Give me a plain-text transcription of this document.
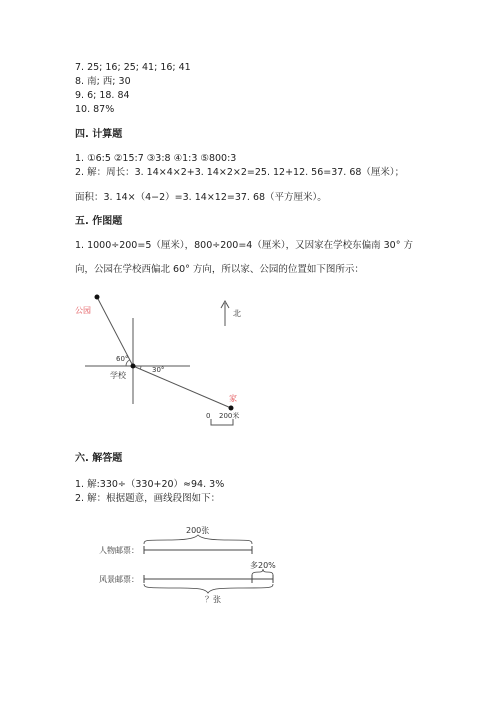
7. 25; 16; 25; 41; 16; 41
8. 南; 西; 30
9. 6; 18. 84
10. 87%
四. 计算题
1. ①6:5 ②15:7 ③3:8 ④1:3 ⑤800:3
2. 解：周长：3. 14×4×2+3. 14×2×2=25. 12+12. 56=37. 68（厘米）；
面积：3. 14×（4−2）=3. 14×12=37. 68（平方厘米）。
五. 作图题
1. 1000÷200=5（厘米），800÷200=4（厘米），又因家在学校东偏南 30° 方
向，公园在学校西偏北 60° 方向，所以家、公园的位置如下图所示：
公园
60°
30°
学校
家
北
0 200米
六. 解答题
1. 解:330÷（330+20）≈94. 3%
2. 解：根据题意，画线段图如下：
人物邮票：
200张
风景邮票：
多20%
？张
